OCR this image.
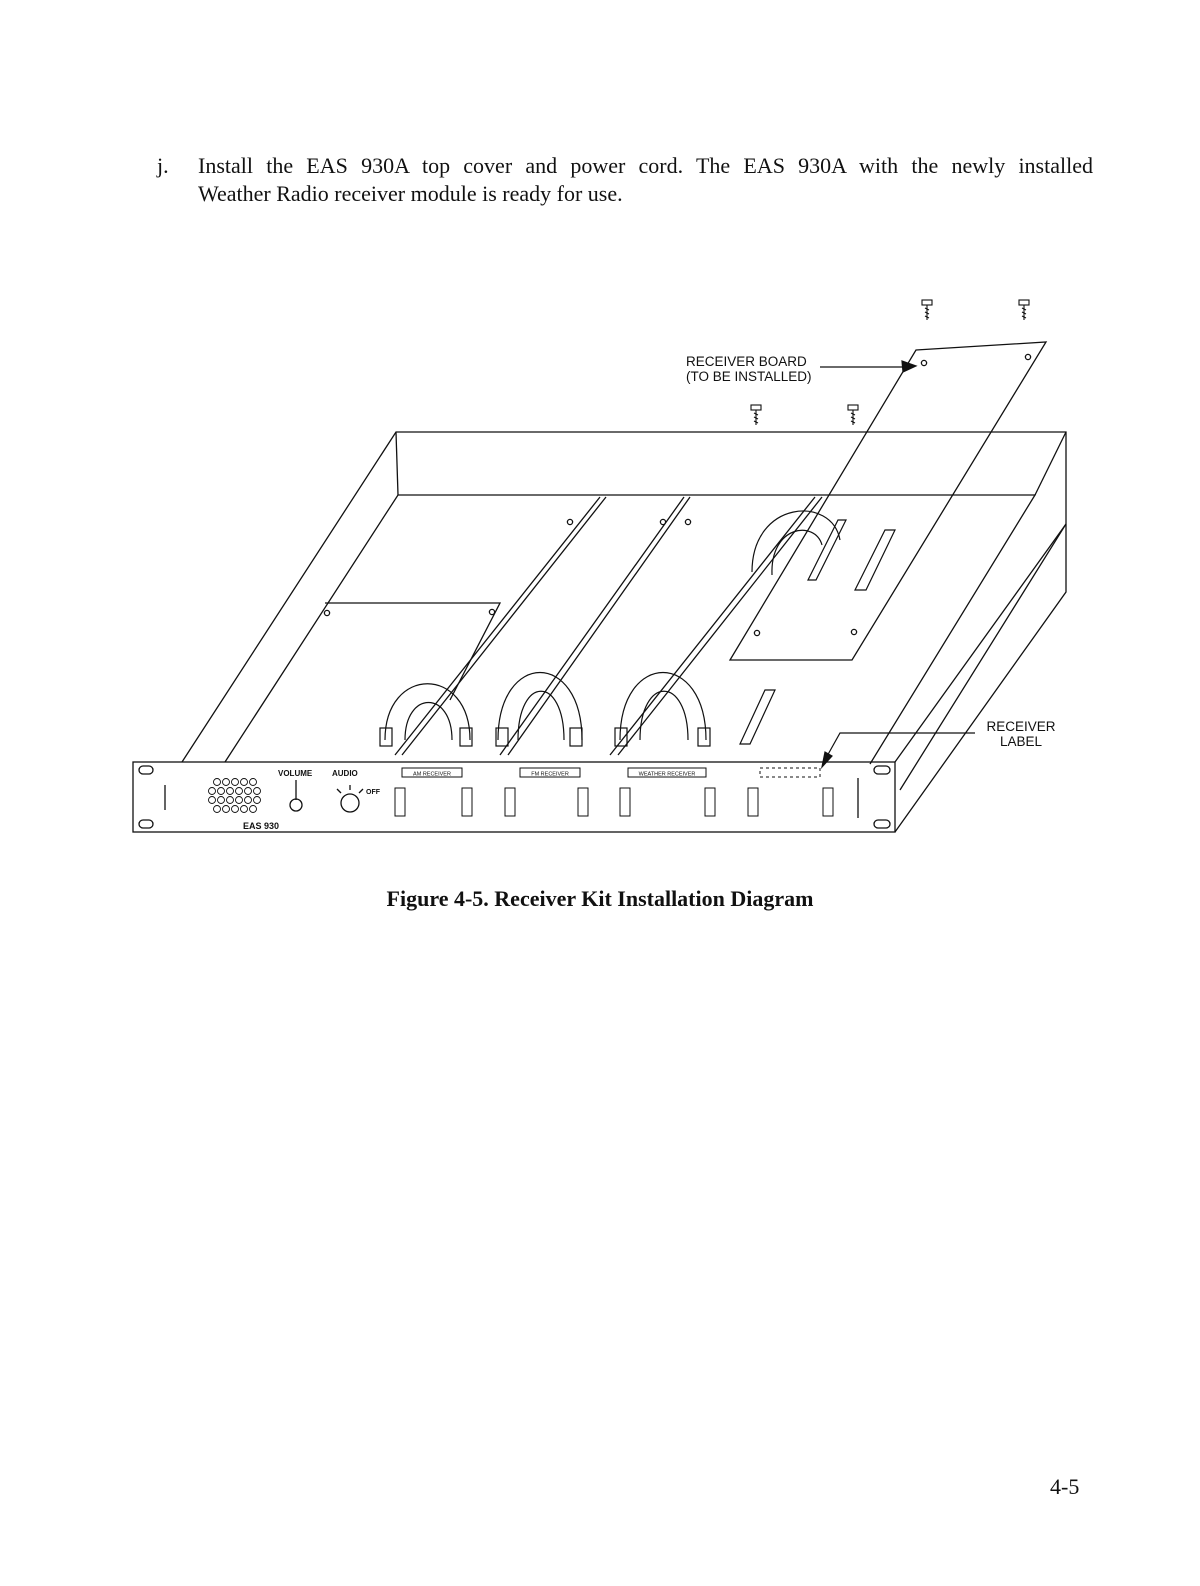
j. Install the EAS 930A top cover and power cord. The EAS 930A with the newly installed
Weather Radio receiver module is ready for use.
RECEIVER BOARD
(TO BE INSTALLED)
RECEIVER
LABEL
VOLUME AUDIO
OFF
EAS 930
AM RECEIVER	FM RECEIVER	WEATHER RECEIVER
Figure 4-5. Receiver Kit Installation Diagram
4-5
